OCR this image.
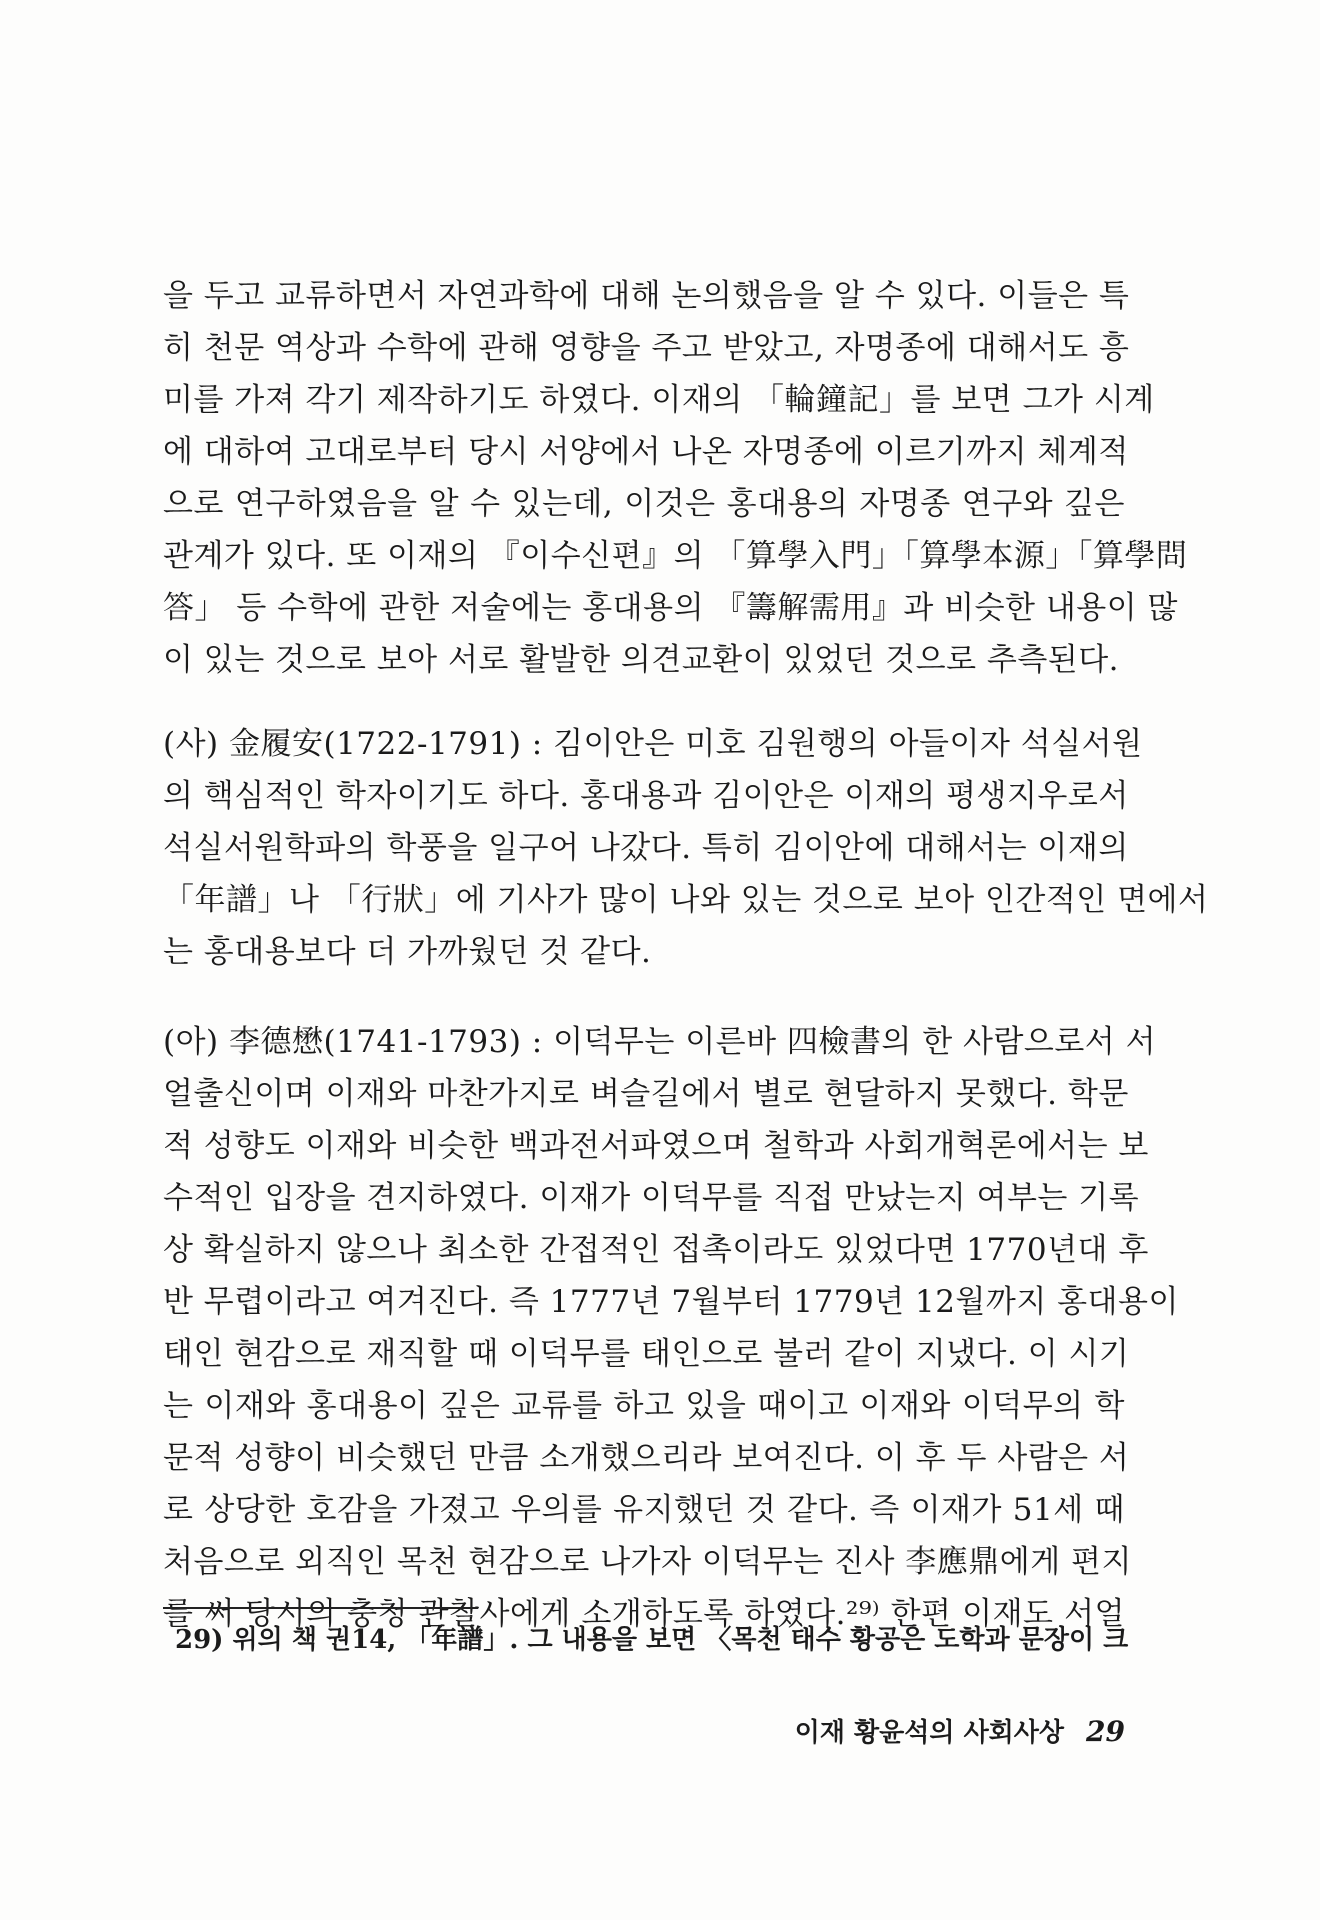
을 두고 교류하면서 자연과학에 대해 논의했음을 알 수 있다. 이들은 특
히 천문 역상과 수학에 관해 영향을 주고 받았고, 자명종에 대해서도 흥
미를 가져 각기 제작하기도 하였다. 이재의 「輪鐘記」를 보면 그가 시계
에 대하여 고대로부터 당시 서양에서 나온 자명종에 이르기까지 체계적
으로 연구하였음을 알 수 있는데, 이것은 홍대용의 자명종 연구와 깊은
관계가 있다. 또 이재의 『이수신편』의 「算學入門」「算學本源」「算學問
答」 등 수학에 관한 저술에는 홍대용의 『籌解需用』과 비슷한 내용이 많
이 있는 것으로 보아 서로 활발한 의견교환이 있었던 것으로 추측된다.
(사) 金履安(1722-1791) : 김이안은 미호 김원행의 아들이자 석실서원
의 핵심적인 학자이기도 하다. 홍대용과 김이안은 이재의 평생지우로서
석실서원학파의 학풍을 일구어 나갔다. 특히 김이안에 대해서는 이재의
「年譜」나 「行狀」에 기사가 많이 나와 있는 것으로 보아 인간적인 면에서
는 홍대용보다 더 가까웠던 것 같다.
(아) 李德懋(1741-1793) : 이덕무는 이른바 四檢書의 한 사람으로서 서
얼출신이며 이재와 마찬가지로 벼슬길에서 별로 현달하지 못했다. 학문
적 성향도 이재와 비슷한 백과전서파였으며 철학과 사회개혁론에서는 보
수적인 입장을 견지하였다. 이재가 이덕무를 직접 만났는지 여부는 기록
상 확실하지 않으나 최소한 간접적인 접촉이라도 있었다면 1770년대 후
반 무렵이라고 여겨진다. 즉 1777년 7월부터 1779년 12월까지 홍대용이
태인 현감으로 재직할 때 이덕무를 태인으로 불러 같이 지냈다. 이 시기
는 이재와 홍대용이 깊은 교류를 하고 있을 때이고 이재와 이덕무의 학
문적 성향이 비슷했던 만큼 소개했으리라 보여진다. 이 후 두 사람은 서
로 상당한 호감을 가졌고 우의를 유지했던 것 같다. 즉 이재가 51세 때
처음으로 외직인 목천 현감으로 나가자 이덕무는 진사 李應鼎에게 편지
를 써 당시의 충청 관찰사에게 소개하도록 하였다.²⁹⁾ 한편 이재도 서얼
29) 위의 책 권14, 「年譜」. 그 내용을 보면 〈목천 태수 황공은 도학과 문장이 크
이재 황윤석의 사회사상 29
